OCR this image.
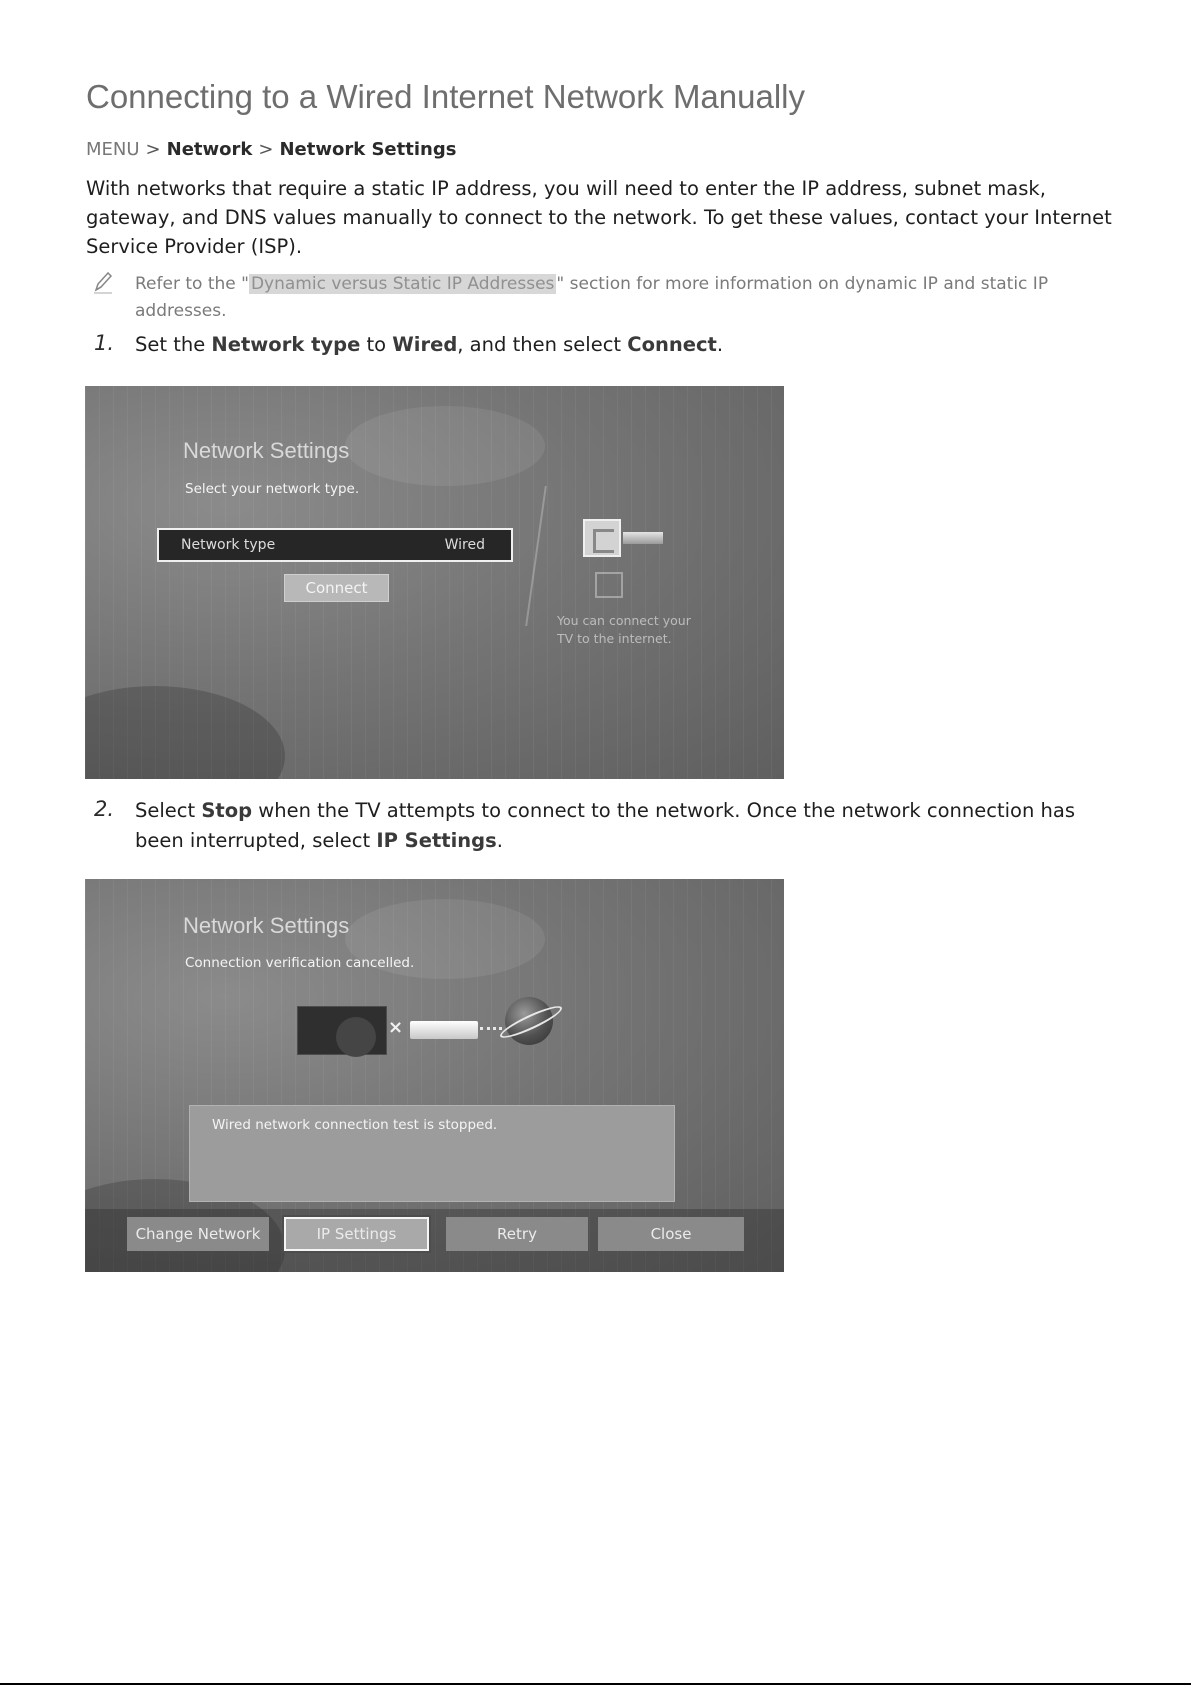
Connecting to a Wired Internet Network Manually
MENU > Network > Network Settings

With networks that require a static IP address, you will need to enter the IP address, subnet mask, gateway, and DNS values manually to connect to the network. To get these values, contact your Internet Service Provider (ISP).

Refer to the " Dynamic versus Static IP Addresses " section for more information on dynamic IP and static IP addresses.

1. Set the Network type to Wired, and then select Connect.
Network Settings
Select your network type.
Network type	Wired
Connect
You can connect your TV to the internet.
2. Select Stop when the TV attempts to connect to the network. Once the network connection has been interrupted, select IP Settings.
Network Settings
Connection verification cancelled.
×
Wired network connection test is stopped.
Change Network	IP Settings	Retry	Close
